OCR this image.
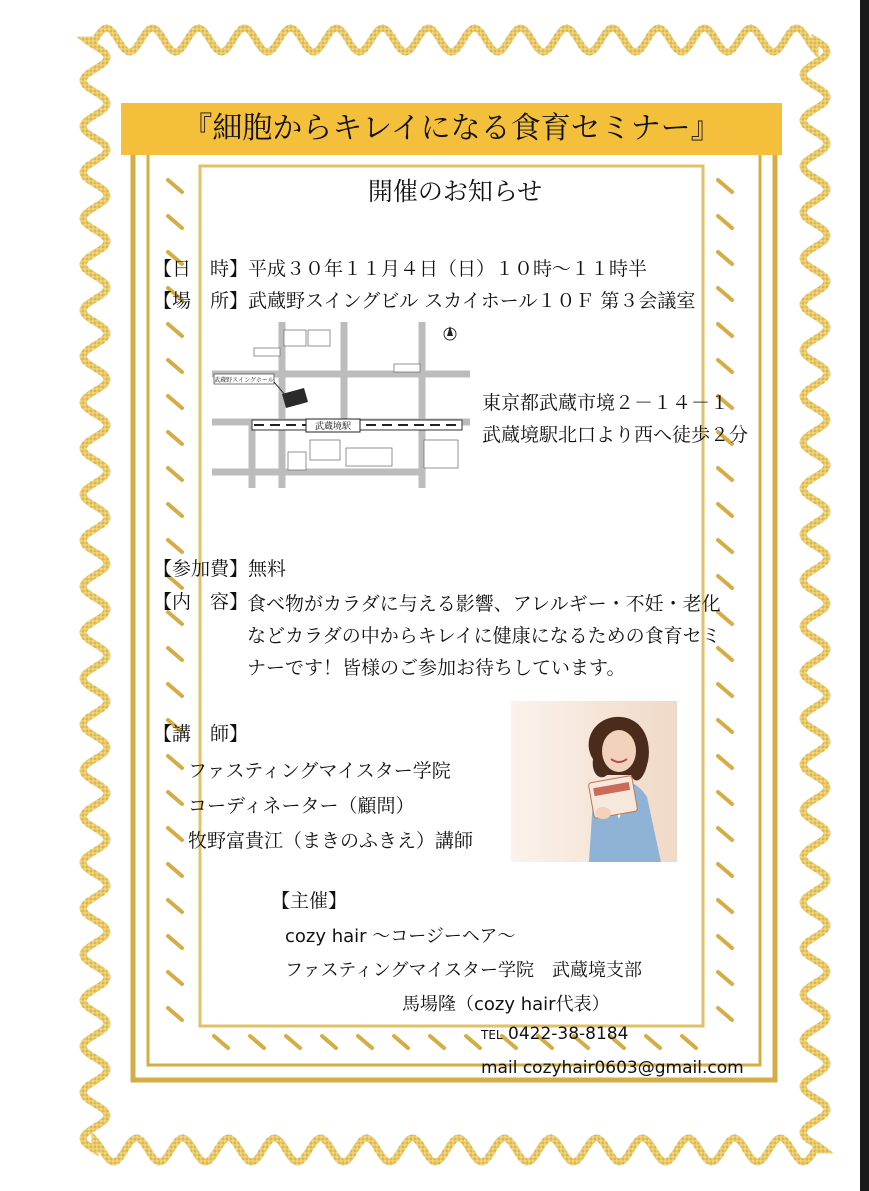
『細胞からキレイになる食育セミナー』
開催のお知らせ
【日　時】平成３０年１１月４日（日）１０時〜１１時半
【場　所】武蔵野スイングビル スカイホール１０Ｆ 第３会議室
武蔵境駅
武蔵野スイングホール
東京都武蔵市境２－１４－１
武蔵境駅北口より西へ徒歩２分
【参加費】無料
【内　容】
食べ物がカラダに与える影響、アレルギー・不妊・老化
などカラダの中からキレイに健康になるための食育セミ
ナーです！皆様のご参加お待ちしています。
【講　師】
ファスティングマイスター学院
コーディネーター（顧問）
牧野富貴江（まきのふきえ）講師
【主催】
cozy hair 〜コージーヘア〜
ファスティングマイスター学院　武蔵境支部
馬場隆（cozy hair代表）
TEL 0422-38-8184
mail cozyhair0603@gmail.com
